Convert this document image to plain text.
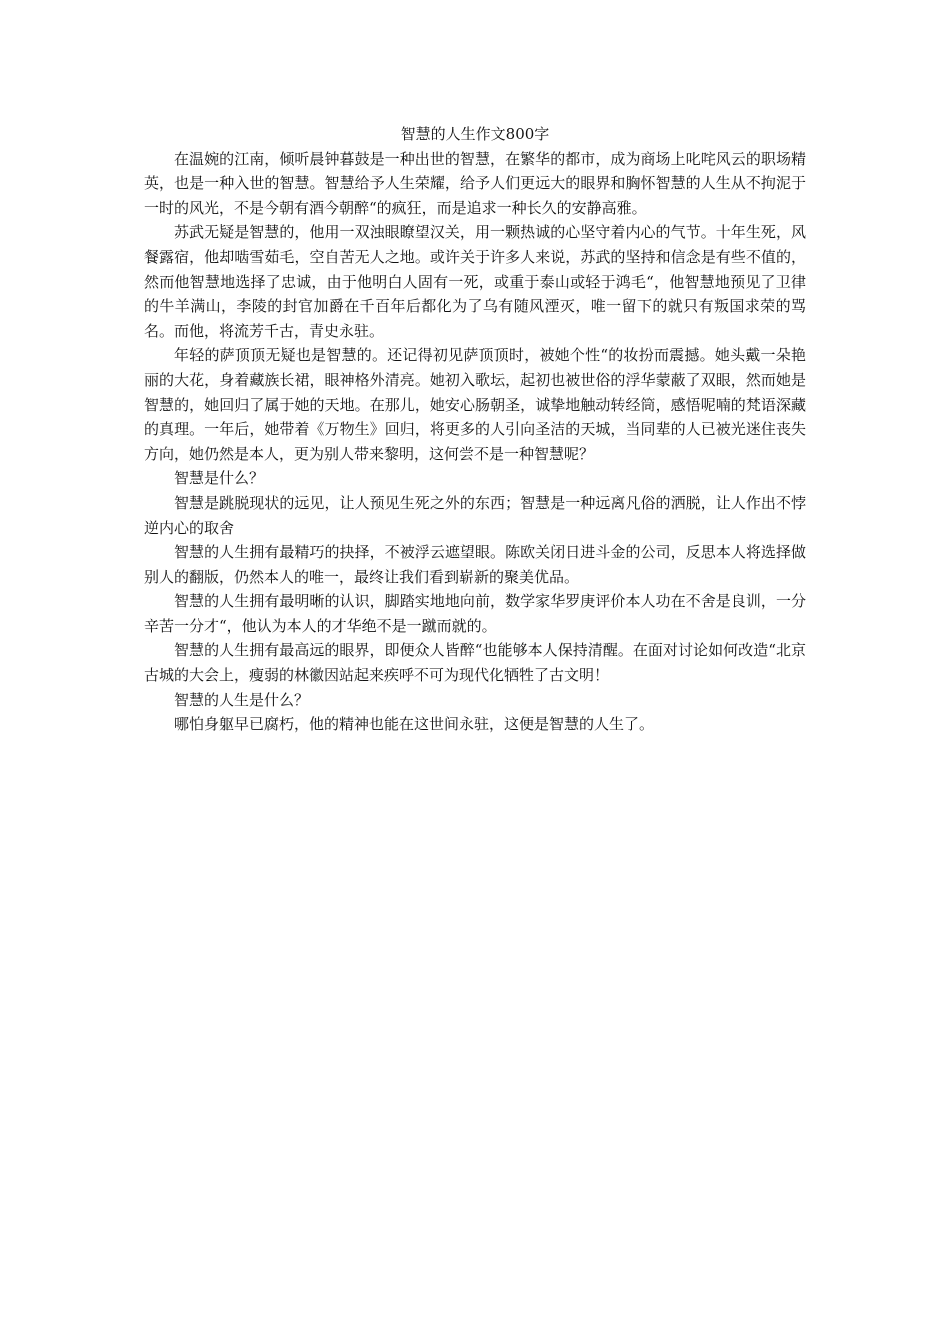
智慧的人生作文800字

在温婉的江南，倾听晨钟暮鼓是一种出世的智慧，在繁华的都市，成为商场上叱咤风云的职场精英，也是一种入世的智慧。智慧给予人生荣耀，给予人们更远大的眼界和胸怀智慧的人生从不拘泥于一时的风光，不是今朝有酒今朝醉“的疯狂，而是追求一种长久的安静高雅。

苏武无疑是智慧的，他用一双浊眼瞭望汉关，用一颗热诚的心坚守着内心的气节。十年生死，风餐露宿，他却啮雪茹毛，空自苦无人之地。或许关于许多人来说，苏武的坚持和信念是有些不值的，然而他智慧地选择了忠诚，由于他明白人固有一死，或重于泰山或轻于鸿毛“，他智慧地预见了卫律的牛羊满山，李陵的封官加爵在千百年后都化为了乌有随风湮灭，唯一留下的就只有叛国求荣的骂名。而他，将流芳千古，青史永驻。

年轻的萨顶顶无疑也是智慧的。还记得初见萨顶顶时，被她个性“的妆扮而震撼。她头戴一朵艳丽的大花，身着藏族长裙，眼神格外清亮。她初入歌坛，起初也被世俗的浮华蒙蔽了双眼，然而她是智慧的，她回归了属于她的天地。在那儿，她安心肠朝圣，诚挚地触动转经筒，感悟呢喃的梵语深藏的真理。一年后，她带着《万物生》回归，将更多的人引向圣洁的天城，当同辈的人已被光迷住丧失方向，她仍然是本人，更为别人带来黎明，这何尝不是一种智慧呢？

智慧是什么？

智慧是跳脱现状的远见，让人预见生死之外的东西；智慧是一种远离凡俗的洒脱，让人作出不悖逆内心的取舍

智慧的人生拥有最精巧的抉择，不被浮云遮望眼。陈欧关闭日进斗金的公司，反思本人将选择做别人的翻版，仍然本人的唯一，最终让我们看到崭新的聚美优品。

智慧的人生拥有最明晰的认识，脚踏实地地向前，数学家华罗庚评价本人功在不舍是良训，一分辛苦一分才“，他认为本人的才华绝不是一蹴而就的。

智慧的人生拥有最高远的眼界，即便众人皆醉“也能够本人保持清醒。在面对讨论如何改造“北京古城的大会上，瘦弱的林徽因站起来疾呼不可为现代化牺牲了古文明！

智慧的人生是什么？

哪怕身躯早已腐朽，他的精神也能在这世间永驻，这便是智慧的人生了。
